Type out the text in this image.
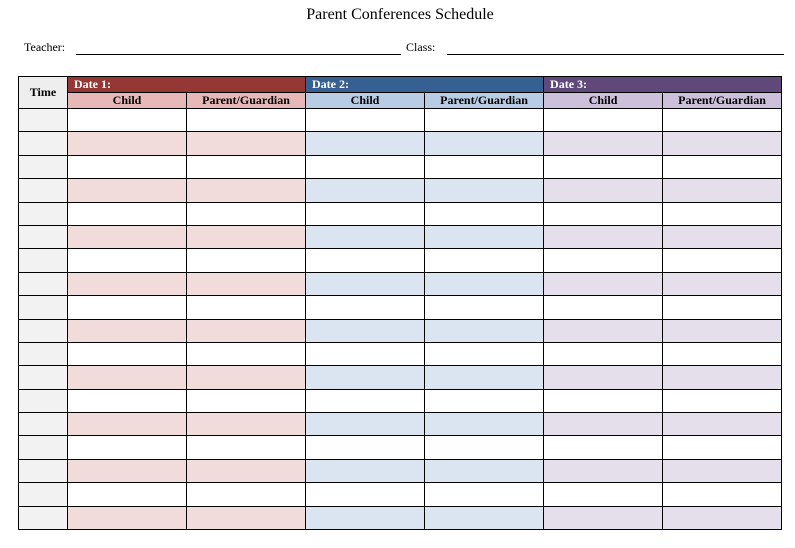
Parent Conferences Schedule
Teacher:	Class:
Time	Date 1:		Date 2:		Date 3:	
	Child	Parent/Guardian	Child	Parent/Guardian	Child	Parent/Guardian
